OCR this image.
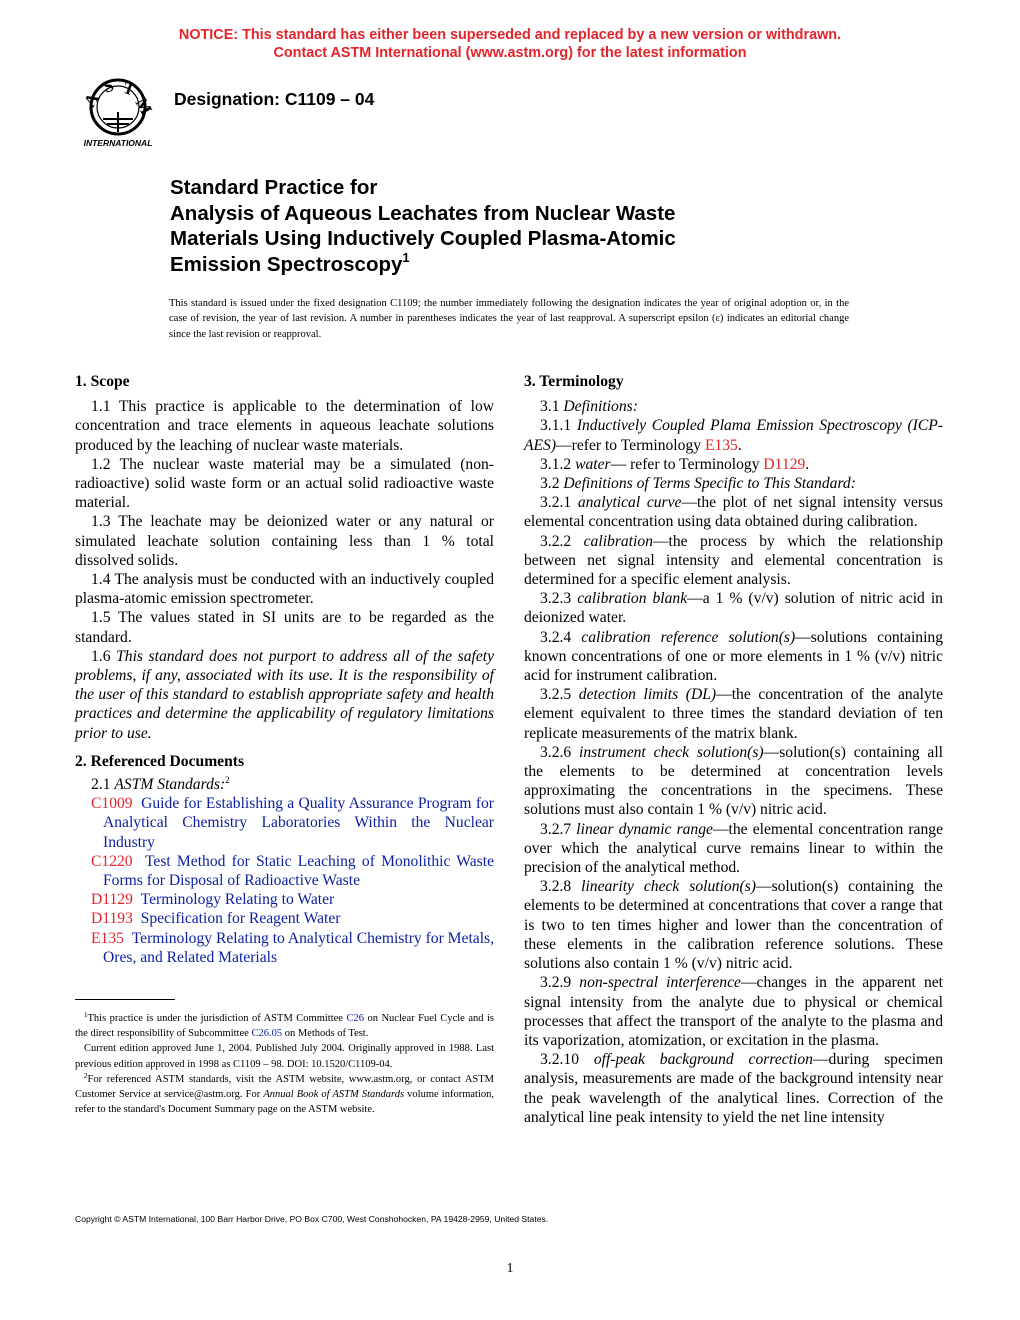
NOTICE: This standard has either been superseded and replaced by a new version or withdrawn.
Contact ASTM International (www.astm.org) for the latest information
A
S T
M
INTERNATIONAL
Designation: C1109 – 04
Standard Practice for
Analysis of Aqueous Leachates from Nuclear Waste
Materials Using Inductively Coupled Plasma-Atomic
Emission Spectroscopy$^1$
This standard is issued under the fixed designation C1109; the number immediately following the designation indicates the year of original adoption or, in the case of revision, the year of last revision. A number in parentheses indicates the year of last reapproval. A superscript epsilon (ε) indicates an editorial change since the last revision or reapproval.
1. Scope

1.1 This practice is applicable to the determination of low concentration and trace elements in aqueous leachate solutions produced by the leaching of nuclear waste materials.

1.2 The nuclear waste material may be a simulated (non-radioactive) solid waste form or an actual solid radioactive waste material.

1.3 The leachate may be deionized water or any natural or simulated leachate solution containing less than 1 % total dissolved solids.

1.4 The analysis must be conducted with an inductively coupled plasma-atomic emission spectrometer.

1.5 The values stated in SI units are to be regarded as the standard.

1.6 This standard does not purport to address all of the safety problems, if any, associated with its use. It is the responsibility of the user of this standard to establish appropriate safety and health practices and determine the applicability of regulatory limitations prior to use.

2. Referenced Documents

2.1 ASTM Standards:$^2$

C1009 Guide for Establishing a Quality Assurance Program for Analytical Chemistry Laboratories Within the Nuclear Industry
C1220 Test Method for Static Leaching of Monolithic Waste Forms for Disposal of Radioactive Waste
D1129 Terminology Relating to Water
D1193 Specification for Reagent Water
E135 Terminology Relating to Analytical Chemistry for Metals, Ores, and Related Materials

$^1$This practice is under the jurisdiction of ASTM Committee C26 on Nuclear Fuel Cycle and is the direct responsibility of Subcommittee C26.05 on Methods of Test.

Current edition approved June 1, 2004. Published July 2004. Originally approved in 1988. Last previous edition approved in 1998 as C1109 – 98. DOI: 10.1520/C1109-04.

$^2$For referenced ASTM standards, visit the ASTM website, www.astm.org, or contact ASTM Customer Service at service@astm.org. For Annual Book of ASTM Standards volume information, refer to the standard's Document Summary page on the ASTM website.

3. Terminology

3.1 Definitions:

3.1.1 Inductively Coupled Plama Emission Spectroscopy (ICP-AES)—refer to Terminology E135.

3.1.2 water— refer to Terminology D1129.

3.2 Definitions of Terms Specific to This Standard:

3.2.1 analytical curve—the plot of net signal intensity versus elemental concentration using data obtained during calibration.

3.2.2 calibration—the process by which the relationship between net signal intensity and elemental concentration is determined for a specific element analysis.

3.2.3 calibration blank—a 1 % (v/v) solution of nitric acid in deionized water.

3.2.4 calibration reference solution(s)—solutions containing known concentrations of one or more elements in 1 % (v/v) nitric acid for instrument calibration.

3.2.5 detection limits (DL)—the concentration of the analyte element equivalent to three times the standard deviation of ten replicate measurements of the matrix blank.

3.2.6 instrument check solution(s)—solution(s) containing all the elements to be determined at concentration levels approximating the concentrations in the specimens. These solutions must also contain 1 % (v/v) nitric acid.

3.2.7 linear dynamic range—the elemental concentration range over which the analytical curve remains linear to within the precision of the analytical method.

3.2.8 linearity check solution(s)—solution(s) containing the elements to be determined at concentrations that cover a range that is two to ten times higher and lower than the concentration of these elements in the calibration reference solutions. These solutions also contain 1 % (v/v) nitric acid.

3.2.9 non-spectral interference—changes in the apparent net signal intensity from the analyte due to physical or chemical processes that affect the transport of the analyte to the plasma and its vaporization, atomization, or excitation in the plasma.

3.2.10 off-peak background correction—during specimen analysis, measurements are made of the background intensity near the peak wavelength of the analytical lines. Correction of the analytical line peak intensity to yield the net line intensity

Copyright © ASTM International, 100 Barr Harbor Drive, PO Box C700, West Conshohocken, PA 19428-2959, United States.
1
